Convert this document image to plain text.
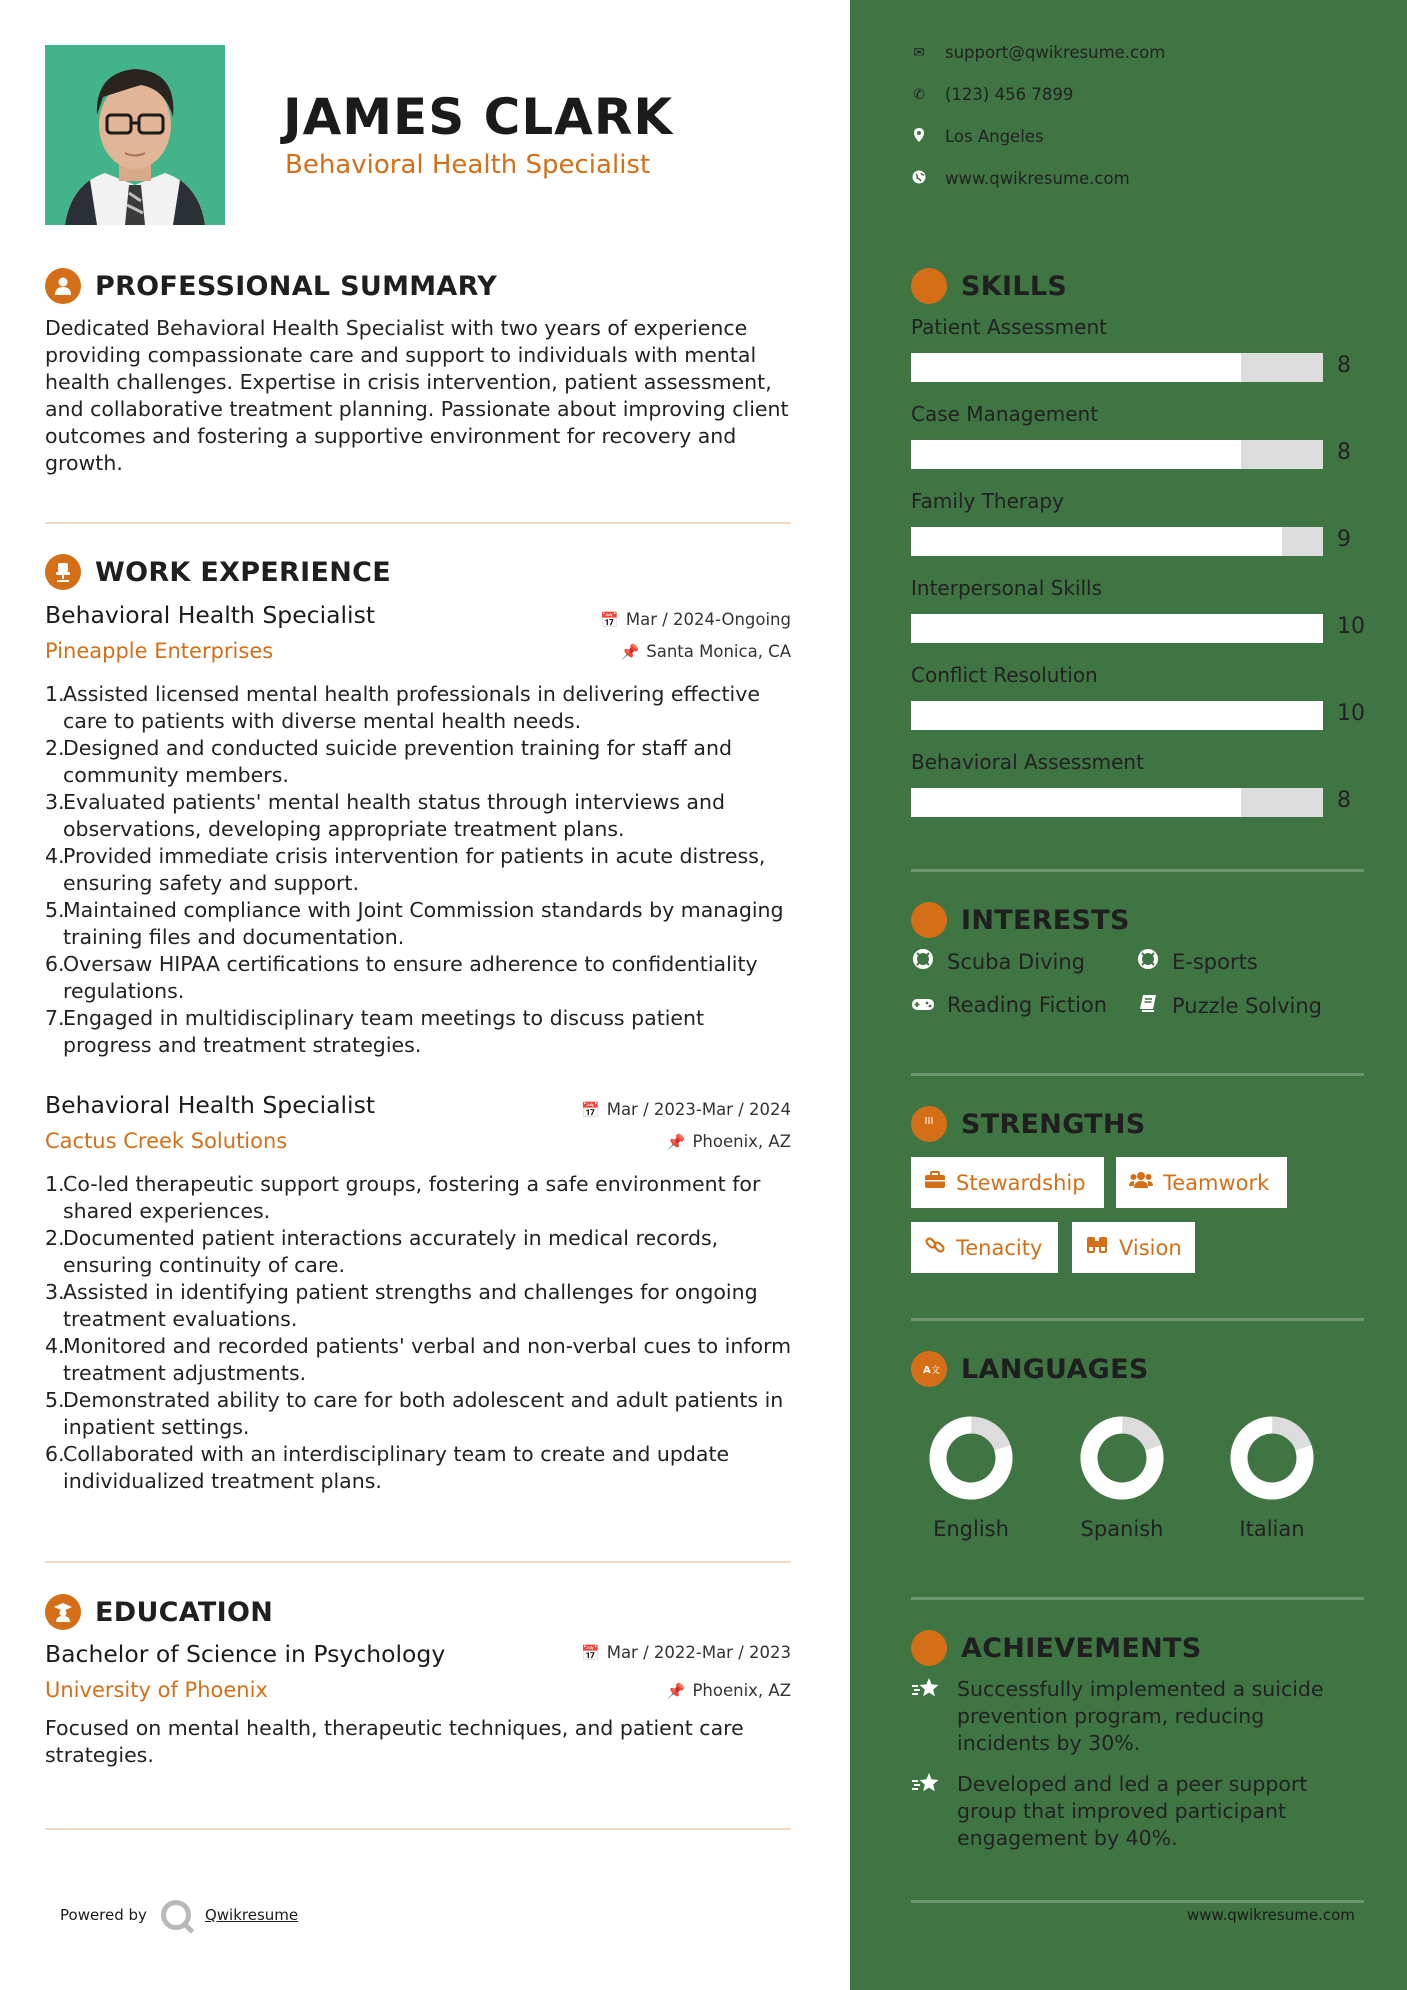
JAMES CLARK
Behavioral Health Specialist
PROFESSIONAL SUMMARY
Dedicated Behavioral Health Specialist with two years of experience providing compassionate care and support to individuals with mental health challenges. Expertise in crisis intervention, patient assessment, and collaborative treatment planning. Passionate about improving client outcomes and fostering a supportive environment for recovery and growth.
WORK EXPERIENCE
Behavioral Health Specialist
Pineapple Enterprises
📅 Mar / 2024-Ongoing
📌 Santa Monica, CA
1.
Assisted licensed mental health professionals in delivering effective care to patients with diverse mental health needs.
2.
Designed and conducted suicide prevention training for staff and community members.
3.
Evaluated patients' mental health status through interviews and observations, developing appropriate treatment plans.
4.
Provided immediate crisis intervention for patients in acute distress, ensuring safety and support.
5.
Maintained compliance with Joint Commission standards by managing training files and documentation.
6.
Oversaw HIPAA certifications to ensure adherence to confidentiality regulations.
7.
Engaged in multidisciplinary team meetings to discuss patient progress and treatment strategies.
Behavioral Health Specialist
Cactus Creek Solutions
📅 Mar / 2023-Mar / 2024
📌 Phoenix, AZ
1.
Co-led therapeutic support groups, fostering a safe environment for shared experiences.
2.
Documented patient interactions accurately in medical records, ensuring continuity of care.
3.
Assisted in identifying patient strengths and challenges for ongoing treatment evaluations.
4.
Monitored and recorded patients' verbal and non-verbal cues to inform treatment adjustments.
5.
Demonstrated ability to care for both adolescent and adult patients in inpatient settings.
6.
Collaborated with an interdisciplinary team to create and update individualized treatment plans.
EDUCATION
Bachelor of Science in Psychology
University of Phoenix
📅 Mar / 2022-Mar / 2023
📌 Phoenix, AZ
Focused on mental health, therapeutic techniques, and patient care strategies.
Powered by	Qwikresume
✉ support@qwikresume.com
✆ (123) 456 7899
Los Angeles
www.qwikresume.com
SKILLS
Patient Assessment
8
Case Management
8
Family Therapy
9
Interpersonal Skills
10
Conflict Resolution
10
Behavioral Assessment
8
INTERESTS
Scuba Diving	E-sports
Reading Fiction	Puzzle Solving
STRENGTHS
Stewardship	Teamwork
Tenacity	Vision
A 文 LANGUAGES
English	Spanish	Italian
ACHIEVEMENTS
Successfully implemented a suicide prevention program, reducing incidents by 30%.
Developed and led a peer support group that improved participant engagement by 40%.
www.qwikresume.com
